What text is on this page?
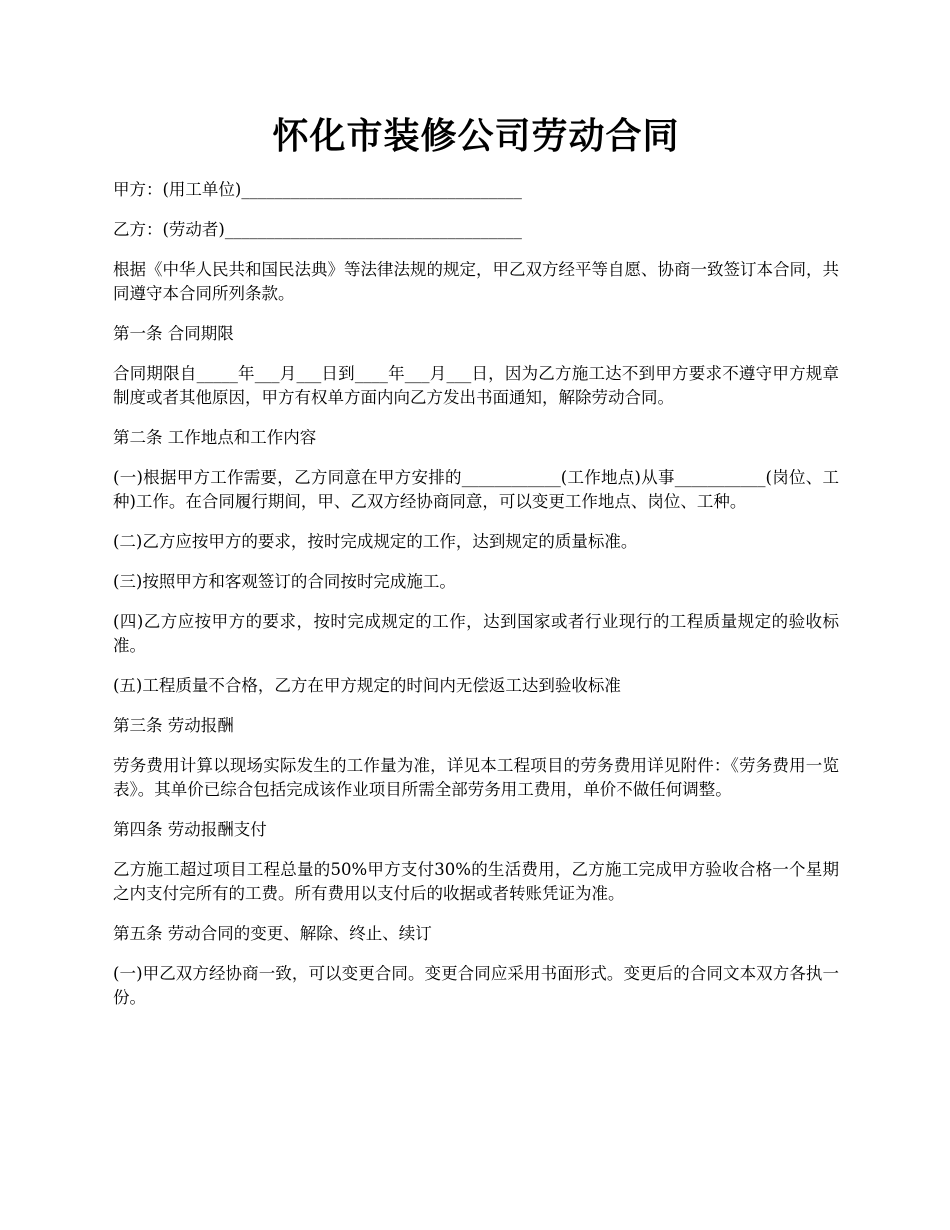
怀化市装修公司劳动合同

甲方：(用工单位)__________________________________

乙方：(劳动者)____________________________________

根据《中华人民共和国民法典》等法律法规的规定，甲乙双方经平等自愿、协商一致签订本合同，共同遵守本合同所列条款。

第一条 合同期限

合同期限自_____年___月___日到____年___月___日，因为乙方施工达不到甲方要求不遵守甲方规章制度或者其他原因，甲方有权单方面内向乙方发出书面通知，解除劳动合同。

第二条 工作地点和工作内容

(一)根据甲方工作需要，乙方同意在甲方安排的____________(工作地点)从事___________(岗位、工种)工作。在合同履行期间，甲、乙双方经协商同意，可以变更工作地点、岗位、工种。

(二)乙方应按甲方的要求，按时完成规定的工作，达到规定的质量标准。

(三)按照甲方和客观签订的合同按时完成施工。

(四)乙方应按甲方的要求，按时完成规定的工作，达到国家或者行业现行的工程质量规定的验收标准。

(五)工程质量不合格，乙方在甲方规定的时间内无偿返工达到验收标准

第三条 劳动报酬

劳务费用计算以现场实际发生的工作量为准，详见本工程项目的劳务费用详见附件：《劳务费用一览表》。其单价已综合包括完成该作业项目所需全部劳务用工费用，单价不做任何调整。

第四条 劳动报酬支付

乙方施工超过项目工程总量的50%甲方支付30%的生活费用，乙方施工完成甲方验收合格一个星期之内支付完所有的工费。所有费用以支付后的收据或者转账凭证为准。

第五条 劳动合同的变更、解除、终止、续订

(一)甲乙双方经协商一致，可以变更合同。变更合同应采用书面形式。变更后的合同文本双方各执一份。
